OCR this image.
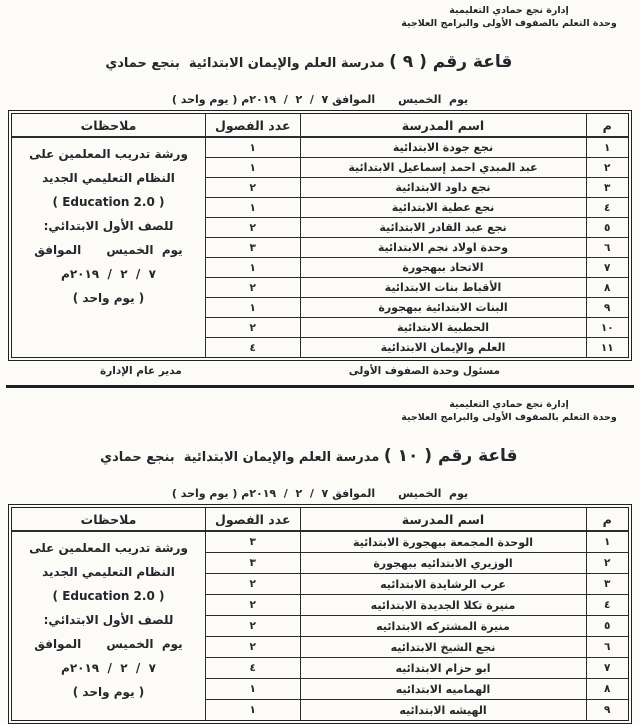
إدارة نجع حمادي التعليمية
وحدة التعلم بالصفوف الأولى والبرامج العلاجية

قاعة رقم ( ٩ ) مدرسة العلم والإيمان الابتدائية  بنجع حمادي

يوم  الخميس      الموافق ٧  /  ٢  /  ٢٠١٩م ( يوم واحد )
م	اسم المدرسة	عدد الفصول
١	نجع جودة الابتدائية	١
٢	عبد المبدي احمد إسماعيل الابتدائية	١
٣	نجع داود الابتدائية	٢
٤	نجع عطية الابتدائية	١
٥	نجع عبد القادر الابتدائية	٢
٦	وحدة اولاد نجم الابتدائية	٣
٧	الاتحاد ببهجورة	١
٨	الأقباط بنات الابتدائية	٢
٩	البنات الابتدائية ببهجورة	١
١٠	الحطبية الابتدائية	٢
١١	العلم والإيمان الابتدائية	٤
ملاحظات
ورشة تدريب المعلمين على
النظام التعليمي الجديد
( Education 2.0 )
للصف الأول الابتدائي:
يوم  الخميس      الموافق
٧  /  ٢  /  ٢٠١٩م
( يوم واحد )
مسئول وحدة الصفوف الأولى
مدير عام الإدارة
إدارة نجع حمادي التعليمية
وحدة التعلم بالصفوف الأولى والبرامج العلاجية

قاعة رقم ( ١٠ ) مدرسة العلم والإيمان الابتدائية  بنجع حمادي

يوم  الخميس      الموافق ٧  /  ٢  /  ٢٠١٩م ( يوم واحد )
م	اسم المدرسة	عدد الفصول
١	الوحدة المجمعة ببهجورة الابتدائية	٣
٢	الوزيري الابتدائيه ببهجورة	٣
٣	عرب الرشايدة الابتدائيه	٢
٤	منيرة تكلا الجديدة الابتدائيه	٢
٥	منيرة المشتركه الابتدائيه	٢
٦	نجع الشيخ الابتدائيه	٢
٧	ابو حزام الابتدائيه	٤
٨	الهماميه الابتدائيه	١
٩	الهيشه الابتدائيه	١
ملاحظات
ورشة تدريب المعلمين على
النظام التعليمي الجديد
( Education 2.0 )
للصف الأول الابتدائي:
يوم  الخميس      الموافق
٧  /  ٢  /  ٢٠١٩م
( يوم واحد )
